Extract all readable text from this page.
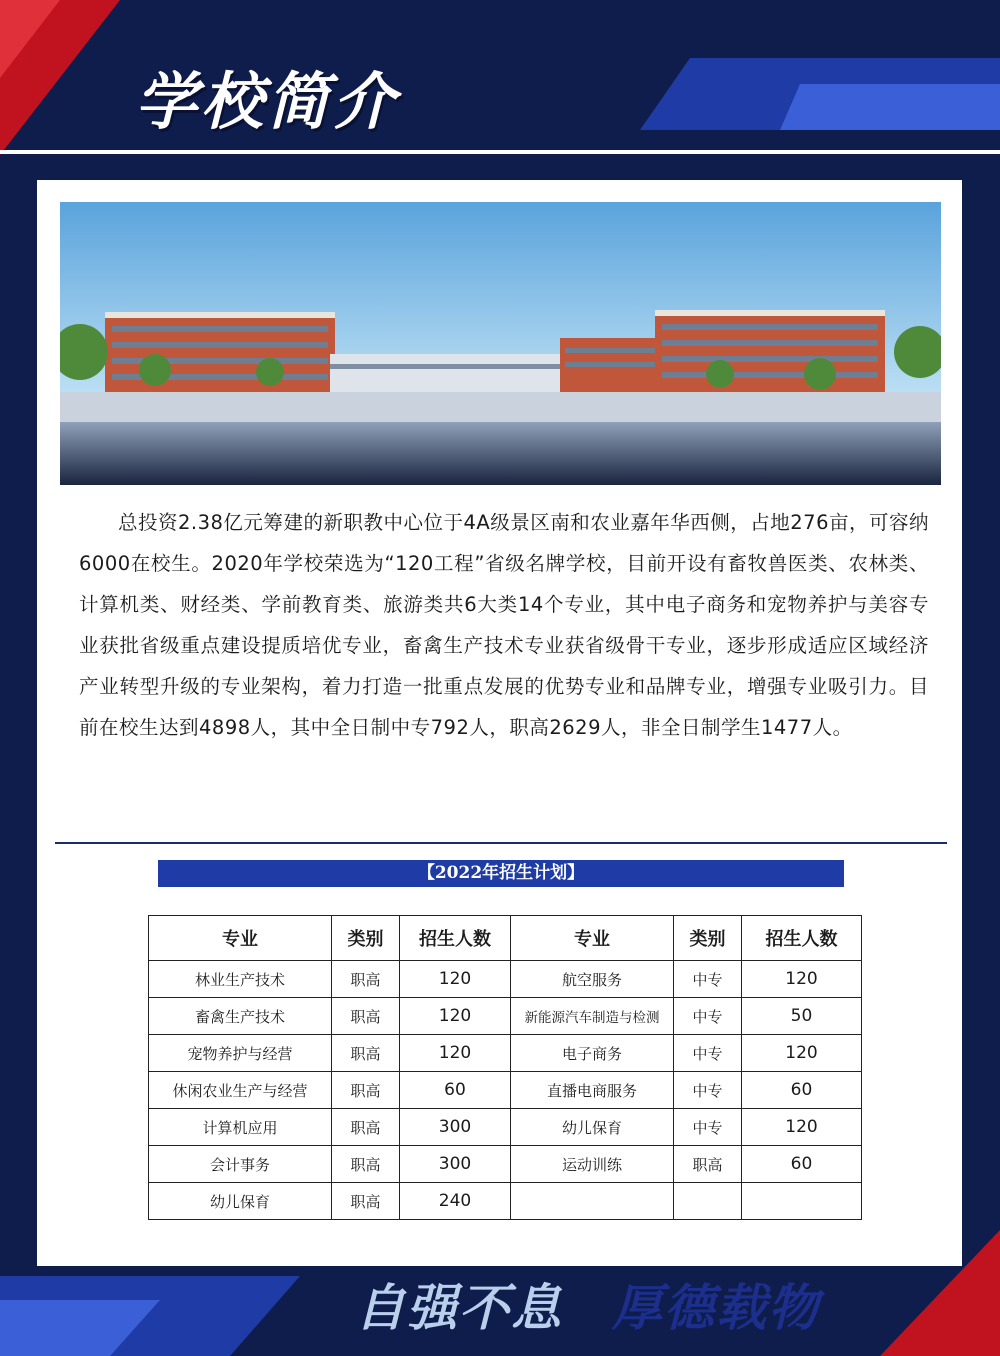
学校简介

总投资2.38亿元筹建的新职教中心位于4A级景区南和农业嘉年华西侧，占地276亩，可容纳6000在校生。2020年学校荣选为“120工程”省级名牌学校，目前开设有畜牧兽医类、农林类、计算机类、财经类、学前教育类、旅游类共6大类14个专业，其中电子商务和宠物养护与美容专业获批省级重点建设提质培优专业，畜禽生产技术专业获省级骨干专业，逐步形成适应区域经济产业转型升级的专业架构，着力打造一批重点发展的优势专业和品牌专业，增强专业吸引力。目前在校生达到4898人，其中全日制中专792人，职高2629人，非全日制学生1477人。

【2022年招生计划】
专业	类别	招生人数	专业	类别	招生人数
林业生产技术	职高	120	航空服务	中专	120
畜禽生产技术	职高	120	新能源汽车制造与检测	中专	50
宠物养护与经营	职高	120	电子商务	中专	120
休闲农业生产与经营	职高	60	直播电商服务	中专	60
计算机应用	职高	300	幼儿保育	中专	120
会计事务	职高	300	运动训练	职高	60
幼儿保育	职高	240			
自强不息 厚德载物
